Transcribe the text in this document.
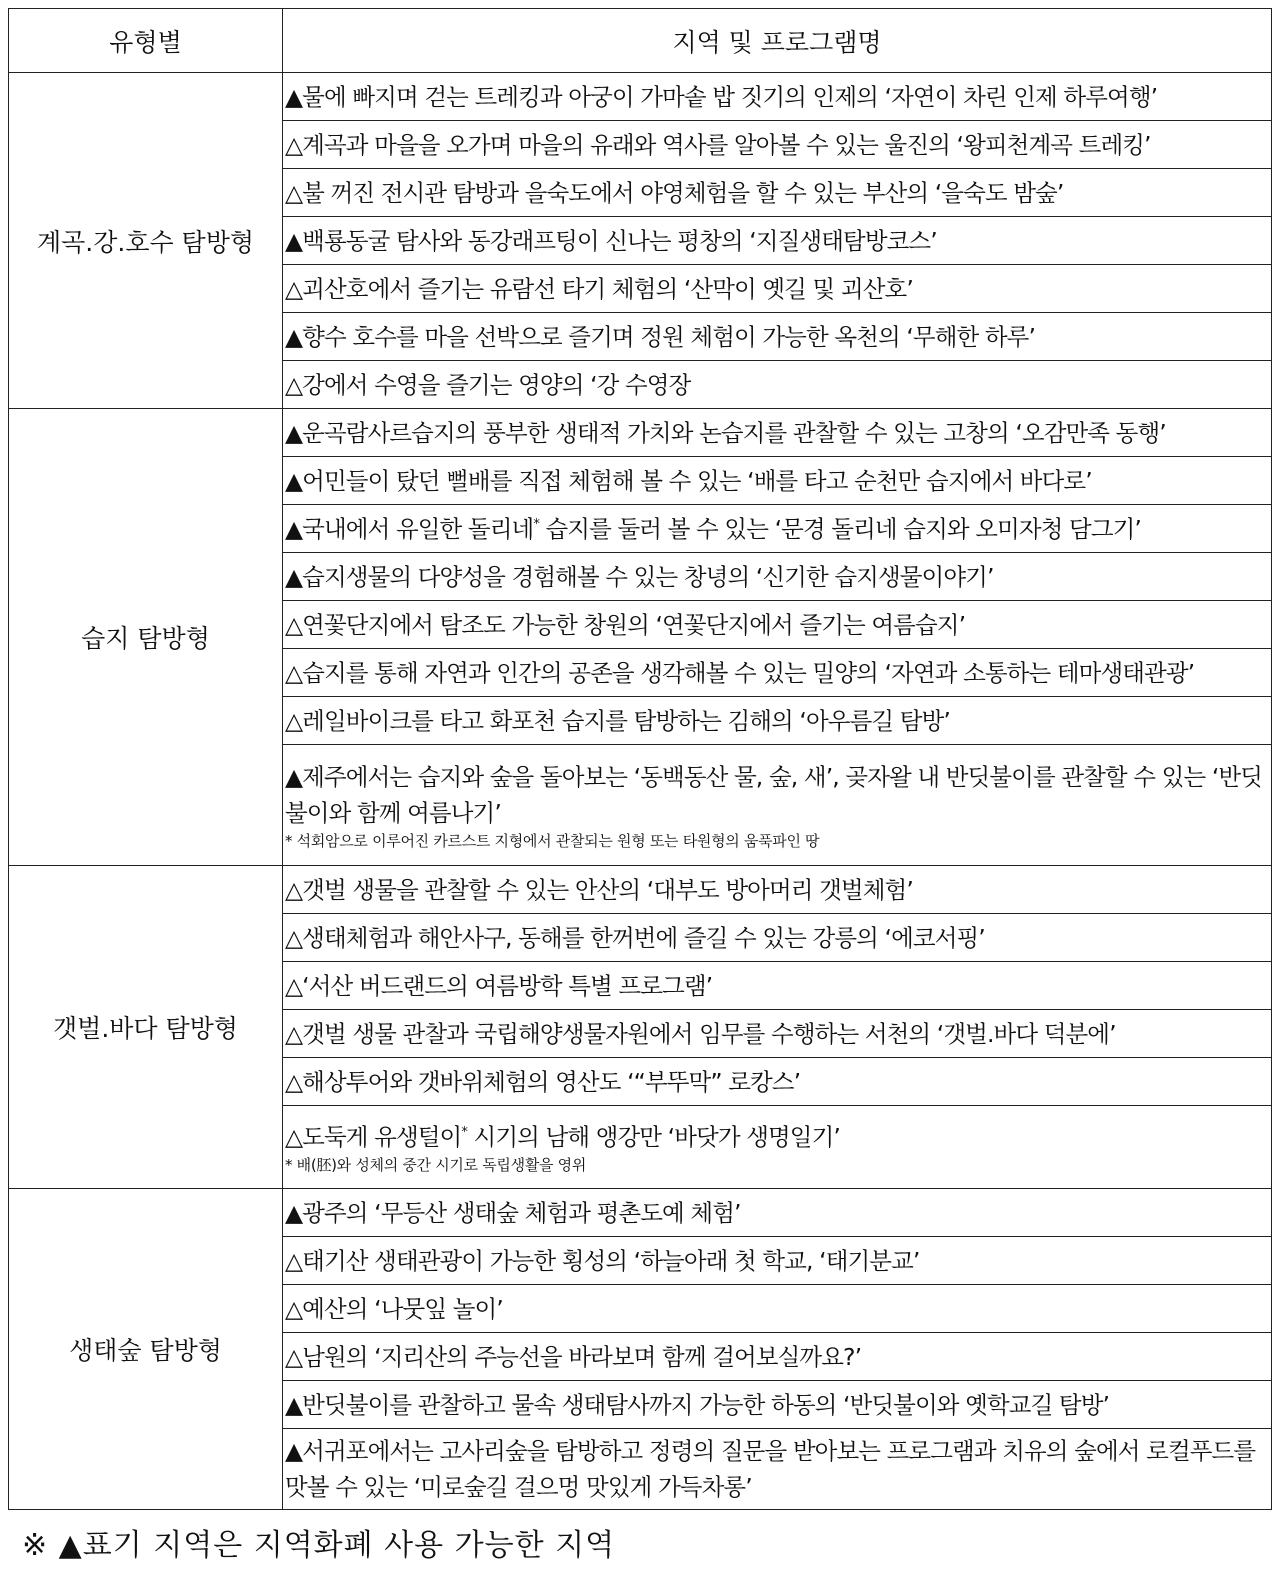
유형별	지역 및 프로그램명
계곡.강.호수 탐방형	▲물에 빠지며 걷는 트레킹과 아궁이 가마솥 밥 짓기의 인제의 ‘자연이 차린 인제 하루여행’
	△계곡과 마을을 오가며 마을의 유래와 역사를 알아볼 수 있는 울진의 ‘왕피천계곡 트레킹’
	△불 꺼진 전시관 탐방과 을숙도에서 야영체험을 할 수 있는 부산의 ‘을숙도 밤숲’
	▲백룡동굴 탐사와 동강래프팅이 신나는 평창의 ‘지질생태탐방코스’
	△괴산호에서 즐기는 유람선 타기 체험의 ‘산막이 옛길 및 괴산호’
	▲향수 호수를 마을 선박으로 즐기며 정원 체험이 가능한 옥천의 ‘무해한 하루’
	△강에서 수영을 즐기는 영양의 ‘강 수영장
습지 탐방형	▲운곡람사르습지의 풍부한 생태적 가치와 논습지를 관찰할 수 있는 고창의 ‘오감만족 동행’
	▲어민들이 탔던 뻘배를 직접 체험해 볼 수 있는 ‘배를 타고 순천만 습지에서 바다로’
	▲국내에서 유일한 돌리네* 습지를 둘러 볼 수 있는 ‘문경 돌리네 습지와 오미자청 담그기’
	▲습지생물의 다양성을 경험해볼 수 있는 창녕의 ‘신기한 습지생물이야기’
	△연꽃단지에서 탐조도 가능한 창원의 ‘연꽃단지에서 즐기는 여름습지’
	△습지를 통해 자연과 인간의 공존을 생각해볼 수 있는 밀양의 ‘자연과 소통하는 테마생태관광’
	△레일바이크를 타고 화포천 습지를 탐방하는 김해의 ‘아우름길 탐방’
	▲제주에서는 습지와 숲을 돌아보는 ‘동백동산 물, 숲, 새’, 곶자왈 내 반딧불이를 관찰할 수 있는 ‘반딧불이와 함께 여름나기’
* 석회암으로 이루어진 카르스트 지형에서 관찰되는 원형 또는 타원형의 움푹파인 땅

갯벌.바다 탐방형	△갯벌 생물을 관찰할 수 있는 안산의 ‘대부도 방아머리 갯벌체험’
	△생태체험과 해안사구, 동해를 한꺼번에 즐길 수 있는 강릉의 ‘에코서핑’
	△‘서산 버드랜드의 여름방학 특별 프로그램’
	△갯벌 생물 관찰과 국립해양생물자원에서 임무를 수행하는 서천의 ‘갯벌.바다 덕분에’
	△해상투어와 갯바위체험의 영산도 ‘“부뚜막” 로캉스’
	△도둑게 유생털이* 시기의 남해 앵강만 ‘바닷가 생명일기’
* 배(胚)와 성체의 중간 시기로 독립생활을 영위

생태숲 탐방형	▲광주의 ‘무등산 생태숲 체험과 평촌도예 체험’
	△태기산 생태관광이 가능한 횡성의 ‘하늘아래 첫 학교, ‘태기분교’
	△예산의 ‘나뭇잎 놀이’
	△남원의 ‘지리산의 주능선을 바라보며 함께 걸어보실까요?’
	▲반딧불이를 관찰하고 물속 생태탐사까지 가능한 하동의 ‘반딧불이와 옛학교길 탐방’
	▲서귀포에서는 고사리숲을 탐방하고 정령의 질문을 받아보는 프로그램과 치유의 숲에서 로컬푸드를 맛볼 수 있는 ‘미로숲길 걸으멍 맛있게 가득차롱’
※ ▲표기 지역은 지역화폐 사용 가능한 지역
